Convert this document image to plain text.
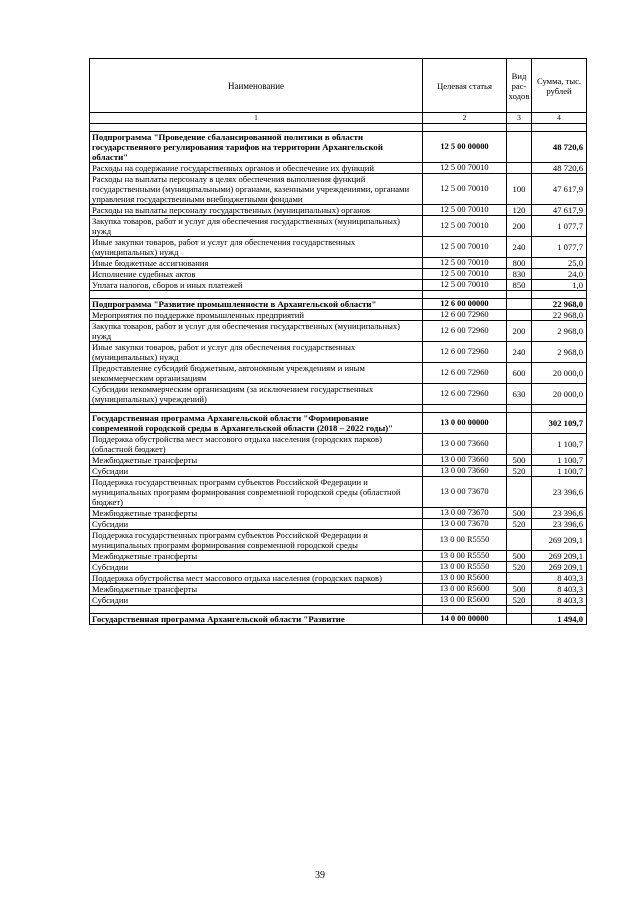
Наименование	Целевая статья	Вид рас-ходов	Сумма, тыс. рублей
1	2	3	4

Подпрограмма "Проведение сбалансированной политики в области государственного регулирования тарифов на территории Архангельской области"	12 5 00 00000		48 720,6
Расходы на содержание государственных органов и обеспечение их функций	12 5 00 70010		48 720,6
Расходы на выплаты персоналу в целях обеспечения выполнения функций государственными (муниципальными) органами, казенными учреждениями, органами управления государственными внебюджетными фондами	12 5 00 70010	100	47 617,9
Расходы на выплаты персоналу государственных (муниципальных) органов	12 5 00 70010	120	47 617,9
Закупка товаров, работ и услуг для обеспечения государственных (муниципальных) нужд	12 5 00 70010	200	1 077,7
Иные закупки товаров, работ и услуг для обеспечения государственных (муниципальных) нужд	12 5 00 70010	240	1 077,7
Иные бюджетные ассигнования	12 5 00 70010	800	25,0
Исполнение судебных актов	12 5 00 70010	830	24,0
Уплата налогов, сборов и иных платежей	12 5 00 70010	850	1,0

Подпрограмма "Развитие промышленности в Архангельской области"	12 6 00 00000		22 968,0
Мероприятия по поддержке промышленных предприятий	12 6 00 72960		22 968,0
Закупка товаров, работ и услуг для обеспечения государственных (муниципальных) нужд	12 6 00 72960	200	2 968,0
Иные закупки товаров, работ и услуг для обеспечения государственных (муниципальных) нужд	12 6 00 72960	240	2 968,0
Предоставление субсидий бюджетным, автономным учреждениям и иным некоммерческим организациям	12 6 00 72960	600	20 000,0
Субсидии некоммерческим организациям (за исключением государственных (муниципальных) учреждений)	12 6 00 72960	630	20 000,0

Государственная программа Архангельской области "Формирование современной городской среды в Архангельской области (2018 – 2022 годы)"	13 0 00 00000		302 109,7
Поддержка обустройства мест массового отдыха населения (городских парков) (областной бюджет)	13 0 00 73660		1 100,7
Межбюджетные трансферты	13 0 00 73660	500	1 100,7
Субсидии	13 0 00 73660	520	1 100,7
Поддержка государственных программ субъектов Российской Федерации и муниципальных программ формирования современной городской среды (областной бюджет)	13 0 00 73670		23 396,6
Межбюджетные трансферты	13 0 00 73670	500	23 396,6
Субсидии	13 0 00 73670	520	23 396,6
Поддержка государственных программ субъектов Российской Федерации и муниципальных программ формирования современной городской среды	13 0 00 R5550		269 209,1
Межбюджетные трансферты	13 0 00 R5550	500	269 209,1
Субсидии	13 0 00 R5550	520	269 209,1
Поддержка обустройства мест массового отдыха населения (городских парков)	13 0 00 R5600		8 403,3
Межбюджетные трансферты	13 0 00 R5600	500	8 403,3
Субсидии	13 0 00 R5600	520	8 403,3

Государственная программа Архангельской области "Развитие	14 0 00 00000		1 494,0
39
